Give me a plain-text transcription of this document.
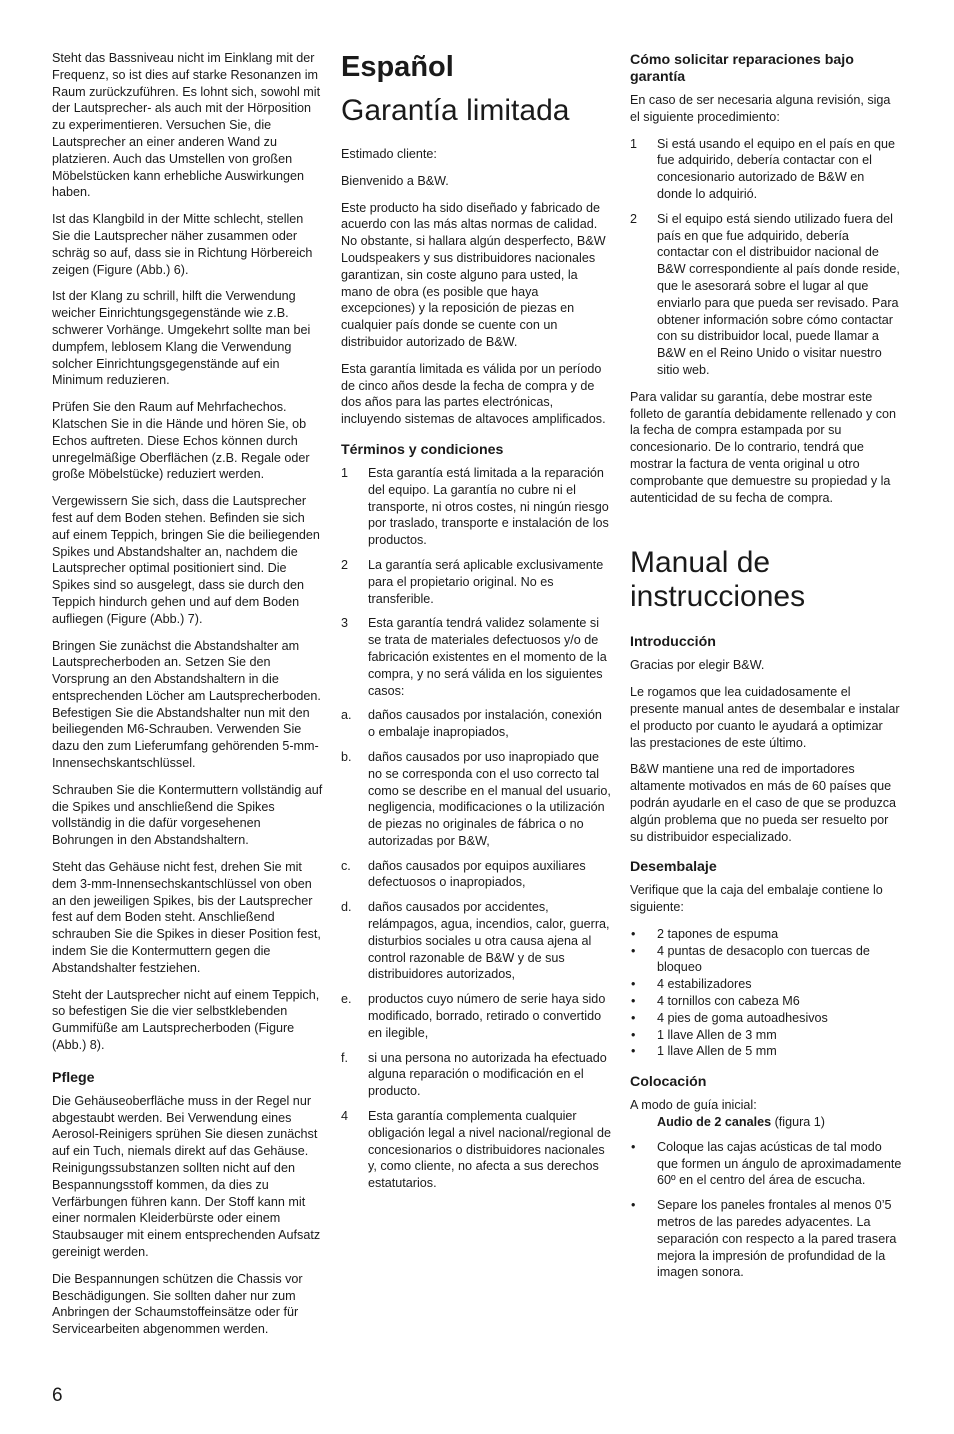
Steht das Bassniveau nicht im Einklang mit der Frequenz, so ist dies auf starke Resonanzen im Raum zurückzuführen. Es lohnt sich, sowohl mit der Lautsprecher- als auch mit der Hörposition zu experimentieren. Versuchen Sie, die Lautsprecher an einer anderen Wand zu platzieren. Auch das Umstellen von großen Möbelstücken kann erhebliche Auswirkungen haben.

Ist das Klangbild in der Mitte schlecht, stellen Sie die Lautsprecher näher zusammen oder schräg so auf, dass sie in Richtung Hörbereich zeigen (Figure (Abb.) 6).

Ist der Klang zu schrill, hilft die Verwendung weicher Einrichtungsgegenstände wie z.B. schwerer Vorhänge. Umgekehrt sollte man bei dumpfem, leblosem Klang die Verwendung solcher Einrichtungsgegenstände auf ein Minimum reduzieren.

Prüfen Sie den Raum auf Mehrfachechos. Klatschen Sie in die Hände und hören Sie, ob Echos auftreten. Diese Echos können durch unregelmäßige Oberflächen (z.B. Regale oder große Möbelstücke) reduziert werden.

Vergewissern Sie sich, dass die Lautsprecher fest auf dem Boden stehen. Befinden sie sich auf einem Teppich, bringen Sie die beiliegenden Spikes und Abstandshalter an, nachdem die Lautsprecher optimal positioniert sind. Die Spikes sind so ausgelegt, dass sie durch den Teppich hindurch gehen und auf dem Boden aufliegen (Figure (Abb.) 7).

Bringen Sie zunächst die Abstandshalter am Lautsprecherboden an. Setzen Sie den Vorsprung an den Abstandshaltern in die entsprechenden Löcher am Lautsprecherboden. Befestigen Sie die Abstandshalter nun mit den beiliegenden M6-Schrauben. Verwenden Sie dazu den zum Lieferumfang gehörenden 5-mm-Innensechskantschlüssel.

Schrauben Sie die Kontermuttern vollständig auf die Spikes und anschließend die Spikes vollständig in die dafür vorgesehenen Bohrungen in den Abstandshaltern.

Steht das Gehäuse nicht fest, drehen Sie mit dem 3-mm-Innensechskantschlüssel von oben an den jeweiligen Spikes, bis der Lautsprecher fest auf dem Boden steht. Anschließend schrauben Sie die Spikes in dieser Position fest, indem Sie die Kontermuttern gegen die Abstandshalter festziehen.

Steht der Lautsprecher nicht auf einem Teppich, so befestigen Sie die vier selbstklebenden Gummifüße am Lautsprecherboden (Figure (Abb.) 8).

Pflege

Die Gehäuseoberfläche muss in der Regel nur abgestaubt werden. Bei Verwendung eines Aerosol-Reinigers sprühen Sie diesen zunächst auf ein Tuch, niemals direkt auf das Gehäuse. Reinigungssubstanzen sollten nicht auf den Bespannungsstoff kommen, da dies zu Verfärbungen führen kann. Der Stoff kann mit einer normalen Kleiderbürste oder einem Staubsauger mit einem entsprechenden Aufsatz gereinigt werden.

Die Bespannungen schützen die Chassis vor Beschädigungen. Sie sollten daher nur zum Anbringen der Schaumstoffeinsätze oder für Servicearbeiten abgenommen werden.

Español
Garantía limitada

Estimado cliente:

Bienvenido a B&W.

Este producto ha sido diseñado y fabricado de acuerdo con las más altas normas de calidad. No obstante, si hallara algún desperfecto, B&W Loudspeakers y sus distribuidores nacionales garantizan, sin coste alguno para usted, la mano de obra (es posible que haya excepciones) y la reposición de piezas en cualquier país donde se cuente con un distribuidor autorizado de B&W.

Esta garantía limitada es válida por un período de cinco años desde la fecha de compra y de dos años para las partes electrónicas, incluyendo sistemas de altavoces amplificados.

Términos y condiciones
1 Esta garantía está limitada a la reparación del equipo. La garantía no cubre ni el transporte, ni otros costes, ni ningún riesgo por traslado, transporte e instalación de los productos.
2 La garantía será aplicable exclusivamente para el propietario original. No es transferible.
3 Esta garantía tendrá validez solamente si se trata de materiales defectuosos y/o de fabricación existentes en el momento de la compra, y no será válida en los siguientes casos:
a. daños causados por instalación, conexión o embalaje inapropiados,
b. daños causados por uso inapropiado que no se corresponda con el uso correcto tal como se describe en el manual del usuario, negligencia, modificaciones o la utilización de piezas no originales de fábrica o no autorizadas por B&W,
c. daños causados por equipos auxiliares defectuosos o inapropiados,
d. daños causados por accidentes, relámpagos, agua, incendios, calor, guerra, disturbios sociales u otra causa ajena al control razonable de B&W y de sus distribuidores autorizados,
e. productos cuyo número de serie haya sido modificado, borrado, retirado o convertido en ilegible,
f. si una persona no autorizada ha efectuado alguna reparación o modificación en el producto.
4 Esta garantía complementa cualquier obligación legal a nivel nacional/regional de concesionarios o distribuidores nacionales y, como cliente, no afecta a sus derechos estatutarios.
Cómo solicitar reparaciones bajo garantía

En caso de ser necesaria alguna revisión, siga el siguiente procedimiento:

1 Si está usando el equipo en el país en que fue adquirido, debería contactar con el concesionario autorizado de B&W en donde lo adquirió.
2 Si el equipo está siendo utilizado fuera del país en que fue adquirido, debería contactar con el distribuidor nacional de B&W correspondiente al país donde reside, que le asesorará sobre el lugar al que enviarlo para que pueda ser revisado. Para obtener información sobre cómo contactar con su distribuidor local, puede llamar a B&W en el Reino Unido o visitar nuestro sitio web.

Para validar su garantía, debe mostrar este folleto de garantía debidamente rellenado y con la fecha de compra estampada por su concesionario. De lo contrario, tendrá que mostrar la factura de venta original u otro comprobante que demuestre su propiedad y la autenticidad de su fecha de compra.

Manual de
instrucciones
Introducción

Gracias por elegir B&W.

Le rogamos que lea cuidadosamente el presente manual antes de desembalar e instalar el producto por cuanto le ayudará a optimizar las prestaciones de este último.

B&W mantiene una red de importadores altamente motivados en más de 60 países que podrán ayudarle en el caso de que se produzca algún problema que no pueda ser resuelto por su distribuidor especializado.

Desembalaje

Verifique que la caja del embalaje contiene lo siguiente:

• 2 tapones de espuma
• 4 puntas de desacoplo con tuercas de bloqueo
• 4 estabilizadores
• 4 tornillos con cabeza M6
• 4 pies de goma autoadhesivos
• 1 llave Allen de 3 mm
• 1 llave Allen de 5 mm
Colocación

A modo de guía inicial:
Audio de 2 canales (figura 1)

• Coloque las cajas acústicas de tal modo que formen un ángulo de aproximadamente 60º en el centro del área de escucha.
• Separe los paneles frontales al menos 0’5 metros de las paredes adyacentes. La separación con respecto a la pared trasera mejora la impresión de profundidad de la imagen sonora.
6
